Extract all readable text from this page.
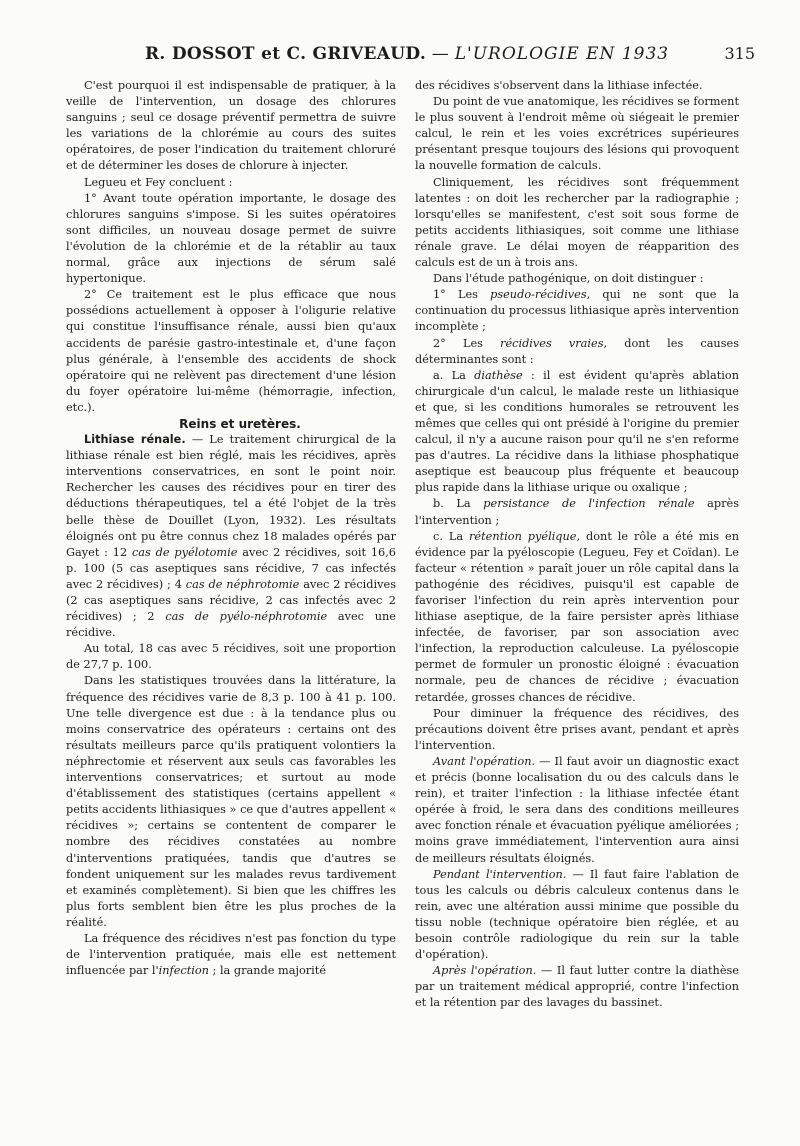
R. DOSSOT et C. GRIVEAUD. — L'UROLOGIE EN 1933	315

C'est pourquoi il est indispensable de pratiquer, à la veille de l'intervention, un dosage des chlorures sanguins ; seul ce dosage préventif permettra de suivre les variations de la chlorémie au cours des suites opératoires, de poser l'indication du traitement chloruré et de déterminer les doses de chlorure à injecter.

Legueu et Fey concluent :

1° Avant toute opération importante, le dosage des chlorures sanguins s'impose. Si les suites opératoires sont difficiles, un nouveau dosage permet de suivre l'évolution de la chlorémie et de la rétablir au taux normal, grâce aux injections de sérum salé hypertonique.

2° Ce traitement est le plus efficace que nous possédions actuellement à opposer à l'oligurie relative qui constitue l'insuffisance rénale, aussi bien qu'aux accidents de parésie gastro-intestinale et, d'une façon plus générale, à l'ensemble des accidents de shock opératoire qui ne relèvent pas directement d'une lésion du foyer opératoire lui-même (hémorragie, infection, etc.).

Reins et uretères.

Lithiase rénale. — Le traitement chirurgical de la lithiase rénale est bien réglé, mais les récidives, après interventions conservatrices, en sont le point noir. Rechercher les causes des récidives pour en tirer des déductions thérapeutiques, tel a été l'objet de la très belle thèse de Douillet (Lyon, 1932). Les résultats éloignés ont pu être connus chez 18 malades opérés par Gayet : 12 cas de pyélotomie avec 2 récidives, soit 16,6 p. 100 (5 cas aseptiques sans récidive, 7 cas infectés avec 2 récidives) ; 4 cas de néphrotomie avec 2 récidives (2 cas aseptiques sans récidive, 2 cas infectés avec 2 récidives) ; 2 cas de pyélo-néphrotomie avec une récidive.

Au total, 18 cas avec 5 récidives, soit une proportion de 27,7 p. 100.

Dans les statistiques trouvées dans la littérature, la fréquence des récidives varie de 8,3 p. 100 à 41 p. 100. Une telle divergence est due : à la tendance plus ou moins conservatrice des opérateurs : certains ont des résultats meilleurs parce qu'ils pratiquent volontiers la néphrectomie et réservent aux seuls cas favorables les interventions conservatrices; et surtout au mode d'établissement des statistiques (certains appellent « petits accidents lithiasiques » ce que d'autres appellent « récidives »; certains se contentent de comparer le nombre des récidives constatées au nombre d'interventions pratiquées, tandis que d'autres se fondent uniquement sur les malades revus tardivement et examinés complètement). Si bien que les chiffres les plus forts semblent bien être les plus proches de la réalité.

La fréquence des récidives n'est pas fonction du type de l'intervention pratiquée, mais elle est nettement influencée par l'infection ; la grande majorité

des récidives s'observent dans la lithiase infectée.

Du point de vue anatomique, les récidives se forment le plus souvent à l'endroit même où siégeait le premier calcul, le rein et les voies excrétrices supérieures présentant presque toujours des lésions qui provoquent la nouvelle formation de calculs.

Cliniquement, les récidives sont fréquemment latentes : on doit les rechercher par la radiographie ; lorsqu'elles se manifestent, c'est soit sous forme de petits accidents lithiasiques, soit comme une lithiase rénale grave. Le délai moyen de réapparition des calculs est de un à trois ans.

Dans l'étude pathogénique, on doit distinguer :

1° Les pseudo-récidives, qui ne sont que la continuation du processus lithiasique après intervention incomplète ;

2° Les récidives vraies, dont les causes déterminantes sont :

a. La diathèse : il est évident qu'après ablation chirurgicale d'un calcul, le malade reste un lithiasique et que, si les conditions humorales se retrouvent les mêmes que celles qui ont présidé à l'origine du premier calcul, il n'y a aucune raison pour qu'il ne s'en reforme pas d'autres. La récidive dans la lithiase phosphatique aseptique est beaucoup plus fréquente et beaucoup plus rapide dans la lithiase urique ou oxalique ;

b. La persistance de l'infection rénale après l'intervention ;

c. La rétention pyélique, dont le rôle a été mis en évidence par la pyéloscopie (Legueu, Fey et Coïdan). Le facteur « rétention » paraît jouer un rôle capital dans la pathogénie des récidives, puisqu'il est capable de favoriser l'infection du rein après intervention pour lithiase aseptique, de la faire persister après lithiase infectée, de favoriser, par son association avec l'infection, la reproduction calculeuse. La pyéloscopie permet de formuler un pronostic éloigné : évacuation normale, peu de chances de récidive ; évacuation retardée, grosses chances de récidive.

Pour diminuer la fréquence des récidives, des précautions doivent être prises avant, pendant et après l'intervention.

Avant l'opération. — Il faut avoir un diagnostic exact et précis (bonne localisation du ou des calculs dans le rein), et traiter l'infection : la lithiase infectée étant opérée à froid, le sera dans des conditions meilleures avec fonction rénale et évacuation pyélique améliorées ; moins grave immédiatement, l'intervention aura ainsi de meilleurs résultats éloignés.

Pendant l'intervention. — Il faut faire l'ablation de tous les calculs ou débris calculeux contenus dans le rein, avec une altération aussi minime que possible du tissu noble (technique opératoire bien réglée, et au besoin contrôle radiologique du rein sur la table d'opération).

Après l'opération. — Il faut lutter contre la diathèse par un traitement médical approprié, contre l'infection et la rétention par des lavages du bassinet.
